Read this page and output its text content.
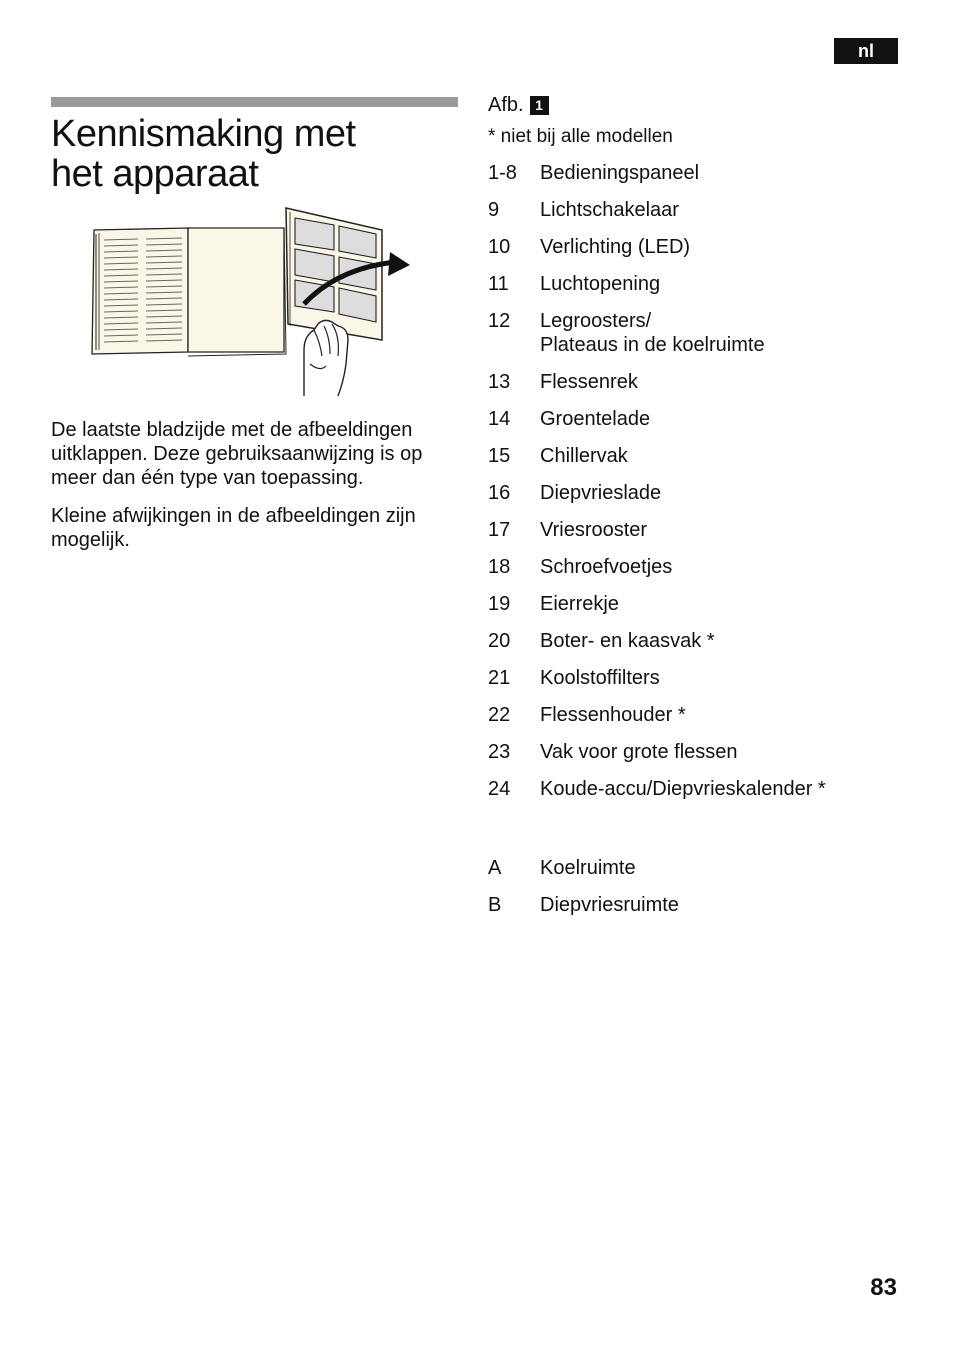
nl
Kennismaking met
het apparaat

De laatste bladzijde met de afbeeldingen uitklappen. Deze gebruiksaanwijzing is op meer dan één type van toepassing.

Kleine afwijkingen in de afbeeldingen zijn mogelijk.

Afb. 1
* niet bij alle modellen
1-8	Bedieningspaneel
9	Lichtschakelaar
10	Verlichting (LED)
11	Luchtopening
12	Legroosters/
Plateaus in de koelruimte
13	Flessenrek
14	Groentelade
15	Chillervak
16	Diepvrieslade
17	Vriesrooster
18	Schroefvoetjes
19	Eierrekje
20	Boter- en kaasvak *
21	Koolstoffilters
22	Flessenhouder *
23	Vak voor grote flessen
24	Koude-accu/Diepvrieskalender *
A	Koelruimte
B	Diepvriesruimte
83
